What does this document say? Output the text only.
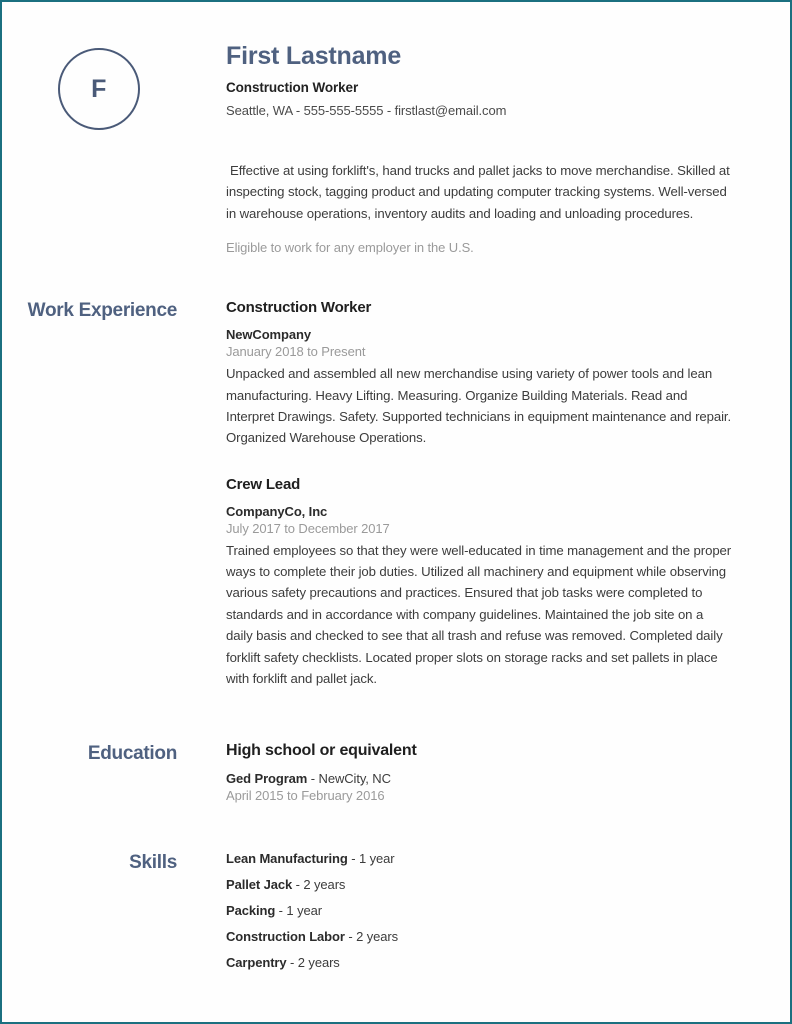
F
First Lastname
Construction Worker
Seattle, WA - 555-555-5555 - firstlast@email.com

Effective at using forklift's, hand trucks and pallet jacks to move merchandise. Skilled at inspecting stock, tagging product and updating computer tracking systems. Well-versed in warehouse operations, inventory audits and loading and unloading procedures.

Eligible to work for any employer in the U.S.

Work Experience	Construction Worker
NewCompany
January 2018 to Present

Unpacked and assembled all new merchandise using variety of power tools and lean manufacturing. Heavy Lifting. Measuring. Organize Building Materials. Read and Interpret Drawings. Safety. Supported technicians in equipment maintenance and repair. Organized Warehouse Operations.

Crew Lead
CompanyCo, Inc
July 2017 to December 2017

Trained employees so that they were well-educated in time management and the proper ways to complete their job duties. Utilized all machinery and equipment while observing various safety precautions and practices. Ensured that job tasks were completed to standards and in accordance with company guidelines. Maintained the job site on a daily basis and checked to see that all trash and refuse was removed. Completed daily forklift safety checklists. Located proper slots on storage racks and set pallets in place with forklift and pallet jack.

Education	High school or equivalent
Ged Program - NewCity, NC
April 2015 to February 2016
Skills	Lean Manufacturing - 1 year
Pallet Jack - 2 years
Packing - 1 year
Construction Labor - 2 years
Carpentry - 2 years
